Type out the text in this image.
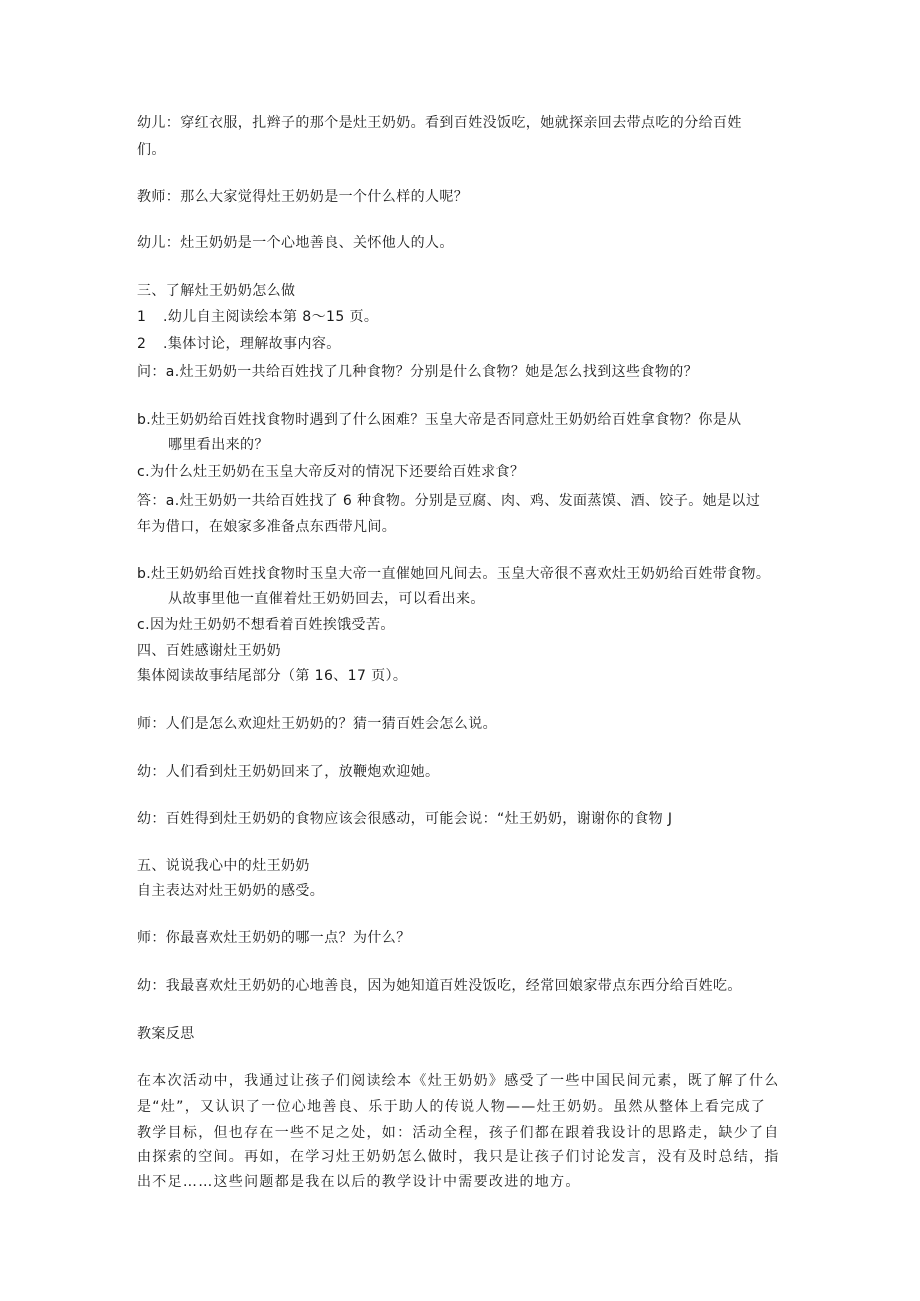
幼儿：穿红衣服，扎辫子的那个是灶王奶奶。看到百姓没饭吃，她就探亲回去带点吃的分给百姓
们。
教师：那么大家觉得灶王奶奶是一个什么样的人呢？
幼儿：灶王奶奶是一个心地善良、关怀他人的人。
三、了解灶王奶奶怎么做
1 .幼儿自主阅读绘本第 8～15 页。
2 .集体讨论，理解故事内容。
问：a.灶王奶奶一共给百姓找了几种食物？分别是什么食物？她是怎么找到这些食物的？
b.灶王奶奶给百姓找食物时遇到了什么困难？玉皇大帝是否同意灶王奶奶给百姓拿食物？你是从
哪里看出来的？
c.为什么灶王奶奶在玉皇大帝反对的情况下还要给百姓求食？
答：a.灶王奶奶一共给百姓找了 6 种食物。分别是豆腐、肉、鸡、发面蒸馍、酒、饺子。她是以过
年为借口，在娘家多准备点东西带凡间。
b.灶王奶奶给百姓找食物时玉皇大帝一直催她回凡间去。玉皇大帝很不喜欢灶王奶奶给百姓带食物。
从故事里他一直催着灶王奶奶回去，可以看出来。
c.因为灶王奶奶不想看着百姓挨饿受苦。
四、百姓感谢灶王奶奶
集体阅读故事结尾部分（第 16、17 页）。
师：人们是怎么欢迎灶王奶奶的？猜一猜百姓会怎么说。
幼：人们看到灶王奶奶回来了，放鞭炮欢迎她。
幼：百姓得到灶王奶奶的食物应该会很感动，可能会说：“灶王奶奶，谢谢你的食物 J
五、说说我心中的灶王奶奶
自主表达对灶王奶奶的感受。
师：你最喜欢灶王奶奶的哪一点？为什么？
幼：我最喜欢灶王奶奶的心地善良，因为她知道百姓没饭吃，经常回娘家带点东西分给百姓吃。
教案反思
在本次活动中，我通过让孩子们阅读绘本《灶王奶奶》感受了一些中国民间元素，既了解了什么
是“灶”，又认识了一位心地善良、乐于助人的传说人物——灶王奶奶。虽然从整体上看完成了
教学目标，但也存在一些不足之处，如：活动全程，孩子们都在跟着我设计的思路走，缺少了自
由探索的空间。再如，在学习灶王奶奶怎么做时，我只是让孩子们讨论发言，没有及时总结，指
出不足……这些问题都是我在以后的教学设计中需要改进的地方。
